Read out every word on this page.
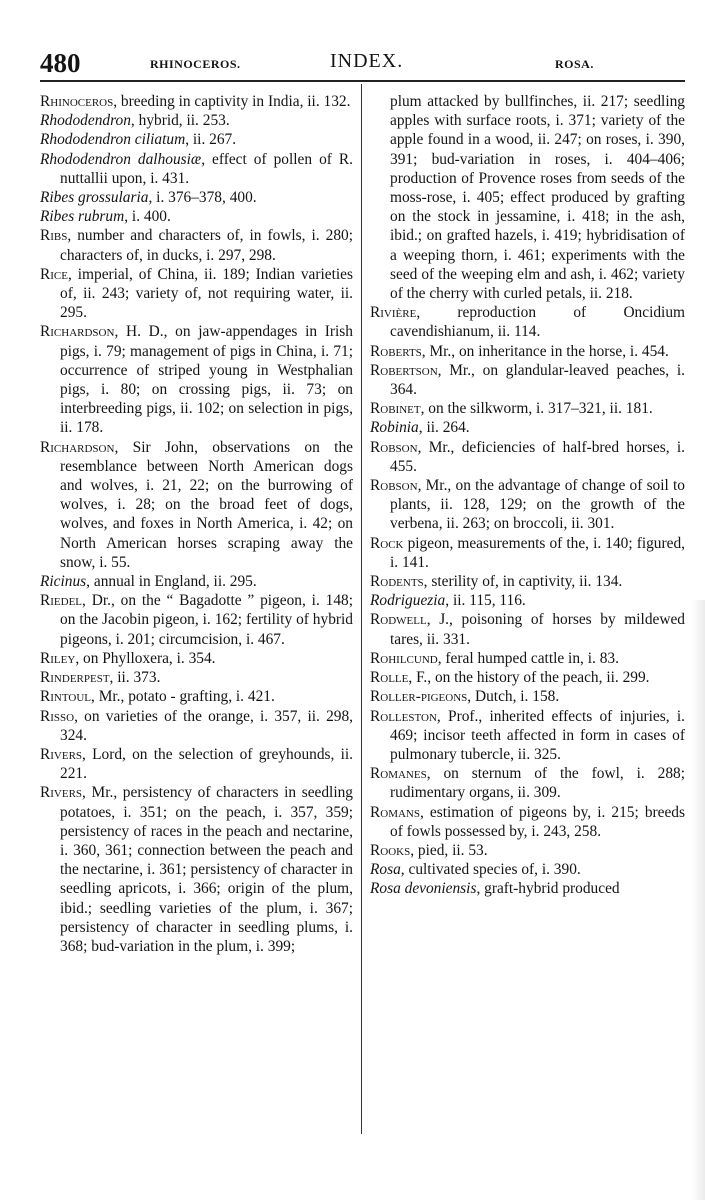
480	RHINOCEROS.	INDEX.	ROSA.

Rhinoceros, breeding in captivity in India, ii. 132.

Rhododendron, hybrid, ii. 253.

Rhododendron ciliatum, ii. 267.

Rhododendron dalhousiæ, effect of pollen of R. nuttallii upon, i. 431.

Ribes grossularia, i. 376–378, 400.

Ribes rubrum, i. 400.

Ribs, number and characters of, in fowls, i. 280; characters of, in ducks, i. 297, 298.

Rice, imperial, of China, ii. 189; Indian varieties of, ii. 243; variety of, not requiring water, ii. 295.

Richardson, H. D., on jaw-appendages in Irish pigs, i. 79; management of pigs in China, i. 71; occurrence of striped young in Westphalian pigs, i. 80; on crossing pigs, ii. 73; on interbreeding pigs, ii. 102; on selection in pigs, ii. 178.

Richardson, Sir John, observations on the resemblance between North American dogs and wolves, i. 21, 22; on the burrowing of wolves, i. 28; on the broad feet of dogs, wolves, and foxes in North America, i. 42; on North American horses scraping away the snow, i. 55.

Ricinus, annual in England, ii. 295.

Riedel, Dr., on the “ Bagadotte ” pigeon, i. 148; on the Jacobin pigeon, i. 162; fertility of hybrid pigeons, i. 201; circumcision, i. 467.

Riley, on Phylloxera, i. 354.

Rinderpest, ii. 373.

Rintoul, Mr., potato - grafting, i. 421.

Risso, on varieties of the orange, i. 357, ii. 298, 324.

Rivers, Lord, on the selection of greyhounds, ii. 221.

Rivers, Mr., persistency of characters in seedling potatoes, i. 351; on the peach, i. 357, 359; persistency of races in the peach and nectarine, i. 360, 361; connection between the peach and the nectarine, i. 361; persistency of character in seedling apricots, i. 366; origin of the plum, ibid.; seedling varieties of the plum, i. 367; persistency of character in seedling plums, i. 368; bud-variation in the plum, i. 399;

plum attacked by bullfinches, ii. 217; seedling apples with surface roots, i. 371; variety of the apple found in a wood, ii. 247; on roses, i. 390, 391; bud-variation in roses, i. 404–406; production of Provence roses from seeds of the moss-rose, i. 405; effect produced by grafting on the stock in jessamine, i. 418; in the ash, ibid.; on grafted hazels, i. 419; hybridisation of a weeping thorn, i. 461; experiments with the seed of the weeping elm and ash, i. 462; variety of the cherry with curled petals, ii. 218.

Rivière, reproduction of Oncidium cavendishianum, ii. 114.

Roberts, Mr., on inheritance in the horse, i. 454.

Robertson, Mr., on glandular-leaved peaches, i. 364.

Robinet, on the silkworm, i. 317–321, ii. 181.

Robinia, ii. 264.

Robson, Mr., deficiencies of half-bred horses, i. 455.

Robson, Mr., on the advantage of change of soil to plants, ii. 128, 129; on the growth of the verbena, ii. 263; on broccoli, ii. 301.

Rock pigeon, measurements of the, i. 140; figured, i. 141.

Rodents, sterility of, in captivity, ii. 134.

Rodriguezia, ii. 115, 116.

Rodwell, J., poisoning of horses by mildewed tares, ii. 331.

Rohilcund, feral humped cattle in, i. 83.

Rolle, F., on the history of the peach, ii. 299.

Roller-pigeons, Dutch, i. 158.

Rolleston, Prof., inherited effects of injuries, i. 469; incisor teeth affected in form in cases of pulmonary tubercle, ii. 325.

Romanes, on sternum of the fowl, i. 288; rudimentary organs, ii. 309.

Romans, estimation of pigeons by, i. 215; breeds of fowls possessed by, i. 243, 258.

Rooks, pied, ii. 53.

Rosa, cultivated species of, i. 390.

Rosa devoniensis, graft-hybrid produced
